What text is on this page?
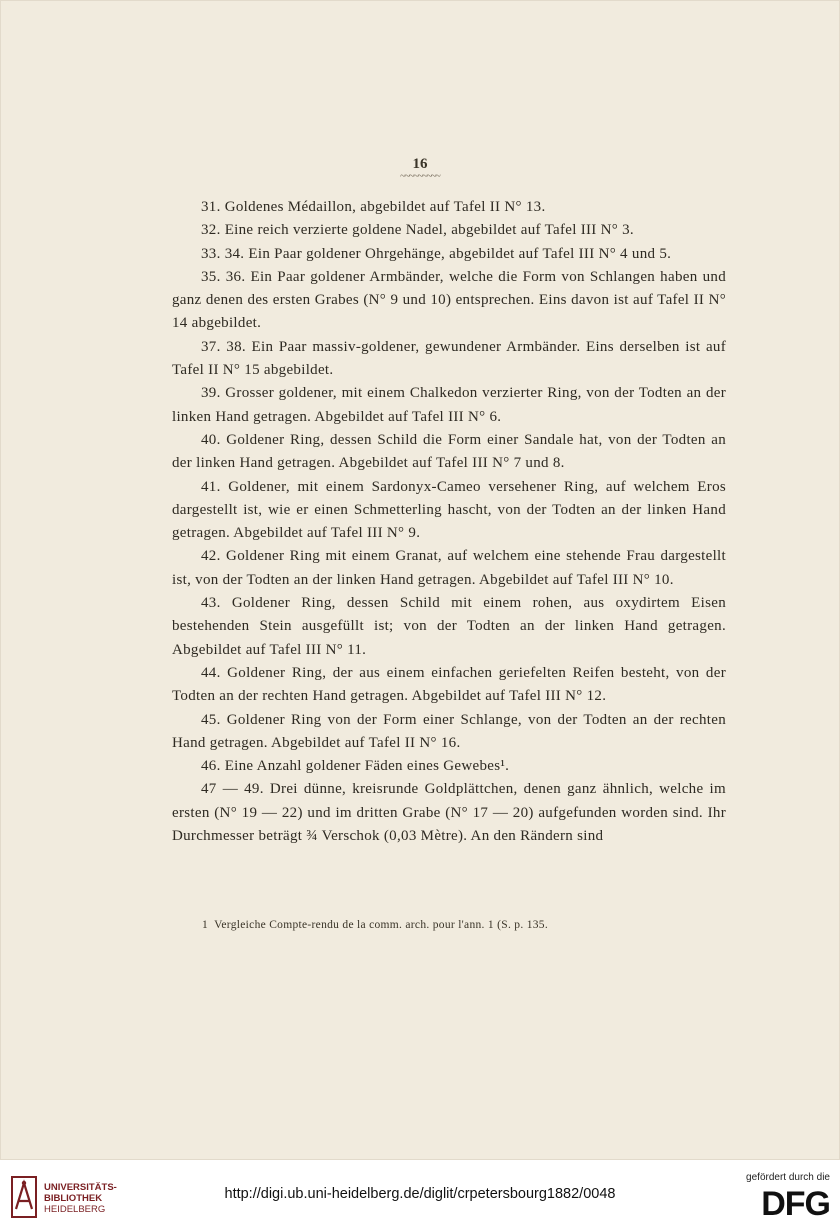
16
~~~~~~~~~

31. Goldenes Médaillon, abgebildet auf Tafel II N° 13.

32. Eine reich verzierte goldene Nadel, abgebildet auf Tafel III N° 3.

33. 34. Ein Paar goldener Ohrgehänge, abgebildet auf Tafel III N° 4 und 5.

35. 36. Ein Paar goldener Armbänder, welche die Form von Schlangen haben und ganz denen des ersten Grabes (N° 9 und 10) entsprechen. Eins davon ist auf Tafel II N° 14 abgebildet.

37. 38. Ein Paar massiv-goldener, gewundener Armbänder. Eins derselben ist auf Tafel II N° 15 abgebildet.

39. Grosser goldener, mit einem Chalkedon verzierter Ring, von der Todten an der linken Hand getragen. Abgebildet auf Tafel III N° 6.

40. Goldener Ring, dessen Schild die Form einer Sandale hat, von der Todten an der linken Hand getragen. Abgebildet auf Tafel III N° 7 und 8.

41. Goldener, mit einem Sardonyx-Cameo versehener Ring, auf welchem Eros dargestellt ist, wie er einen Schmetterling hascht, von der Todten an der linken Hand getragen. Abgebildet auf Tafel III N° 9.

42. Goldener Ring mit einem Granat, auf welchem eine stehende Frau dargestellt ist, von der Todten an der linken Hand getragen. Abgebildet auf Tafel III N° 10.

43. Goldener Ring, dessen Schild mit einem rohen, aus oxydirtem Eisen bestehenden Stein ausgefüllt ist; von der Todten an der linken Hand getragen. Abgebildet auf Tafel III N° 11.

44. Goldener Ring, der aus einem einfachen geriefelten Reifen besteht, von der Todten an der rechten Hand getragen. Abgebildet auf Tafel III N° 12.

45. Goldener Ring von der Form einer Schlange, von der Todten an der rechten Hand getragen. Abgebildet auf Tafel II N° 16.

46. Eine Anzahl goldener Fäden eines Gewebes¹.

47 — 49. Drei dünne, kreisrunde Goldplättchen, denen ganz ähnlich, welche im ersten (N° 19 — 22) und im dritten Grabe (N° 17 — 20) aufgefunden worden sind. Ihr Durchmesser beträgt ¾ Verschok (0,03 Mètre). An den Rändern sind

1 Vergleiche Compte-rendu de la comm. arch. pour l'ann. 1 (S. p. 135.
UNIVERSITÄTS-
BIBLIOTHEK
HEIDELBERG
http://digi.ub.uni-heidelberg.de/diglit/crpetersbourg1882/0048
gefördert durch die
DFG
